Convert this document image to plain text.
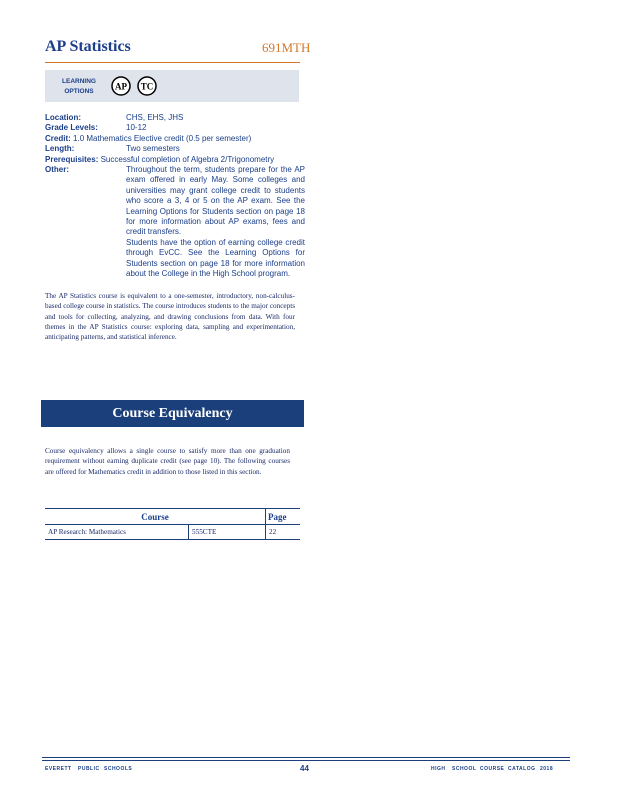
AP Statistics	691MTH
LEARNING
OPTIONS	AP TC
Location:	CHS, EHS, JHS
Grade Levels:	10-12
Credit: 1.0 Mathematics Elective credit (0.5 per semester)
Length:	Two semesters
Prerequisites: Successful completion of Algebra 2/Trigonometry
Other:	Throughout the term, students prepare for the AP exam offered in early May. Some colleges and universities may grant college credit to students who score a 3, 4 or 5 on the AP exam. See the Learning Options for Students section on page 18 for more information about AP exams, fees and credit transfers.
Students have the option of earning college credit through EvCC. See the Learning Options for Students section on page 18 for more information about the College in the High School program.
The AP Statistics course is equivalent to a one-semester, introductory, non-calculus-based college course in statistics. The course introduces students to the major concepts and tools for collecting, analyzing, and drawing conclusions from data. With four themes in the AP Statistics course: exploring data, sampling and experimentation, anticipating patterns, and statistical inference.
Course Equivalency
Course equivalency allows a single course to satisfy more than one graduation requirement without earning duplicate credit (see page 10). The following courses are offered for Mathematics credit in addition to those listed in this section.
Course		Page
AP Research: Mathematics	555CTE	22
EVERETT PUBLIC SCHOOLS	44	HIGH SCHOOL COURSE CATALOG 2018
